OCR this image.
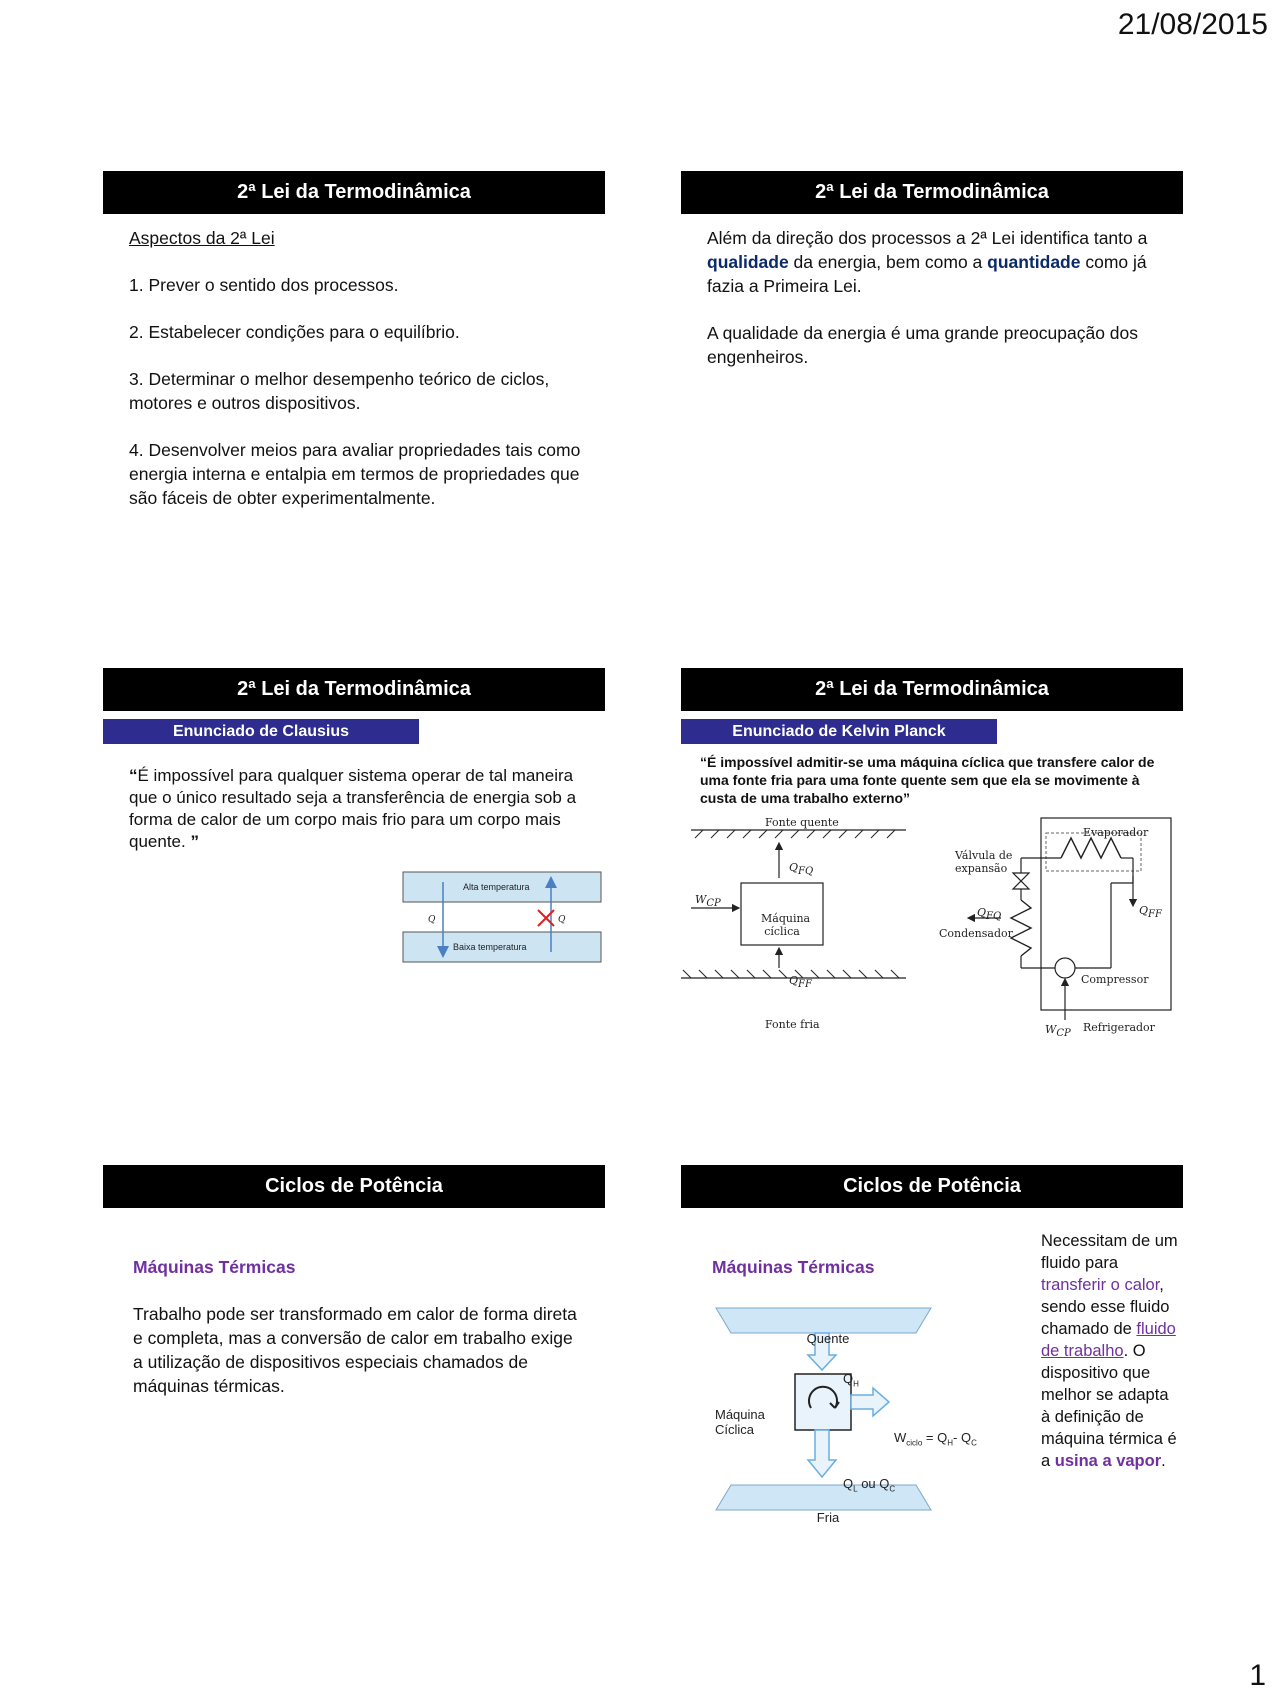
21/08/2015
2ª Lei da Termodinâmica

Aspectos da 2ª Lei

1. Prever o sentido dos processos.

2. Estabelecer condições para o equilíbrio.

3. Determinar o melhor desempenho teórico de ciclos, motores e outros dispositivos.

4. Desenvolver meios para avaliar propriedades tais como energia interna e entalpia em termos de propriedades que são fáceis de obter experimentalmente.

2ª Lei da Termodinâmica

Além da direção dos processos a 2ª Lei identifica tanto a qualidade da energia, bem como a quantidade como já fazia a Primeira Lei.

A qualidade da energia é uma grande preocupação dos engenheiros.

2ª Lei da Termodinâmica
Enunciado de Clausius
“É impossível para qualquer sistema operar de tal maneira que o único resultado seja a transferência de energia sob a forma de calor de um corpo mais frio para um corpo mais quente. ”
Alta temperatura
Baixa temperatura
Q	Q
2ª Lei da Termodinâmica
Enunciado de Kelvin Planck
“É impossível admitir-se uma máquina cíclica que transfere calor de uma fonte fria para uma fonte quente sem que ela se movimente à custa de uma trabalho externo”
Fonte quente
Fonte fria
$Q_{FQ}$
$Q_{FF}$
$W_{CP}$
Máquina
cíclica
Evaporador
Válvula de
expansão
$Q_{FQ}$
Condensador
$Q_{FF}$
Compressor
$W_{CP}$ Refrigerador
Ciclos de Potência

Máquinas Térmicas

Trabalho pode ser transformado em calor de forma direta e completa, mas a conversão de calor em trabalho exige a utilização de dispositivos especiais chamados de máquinas térmicas.

Ciclos de Potência
Máquinas Térmicas
Necessitam de um fluido para transferir o calor, sendo esse fluido chamado de fluido de trabalho. O dispositivo que melhor se adapta à definição de máquina térmica é a usina a vapor.
Quente
Fria
Máquina
Cíclica
$Q_H$
$Q_L$ ou $Q_C$
$W_{ciclo} = Q_H-$ $Q_C$
1
